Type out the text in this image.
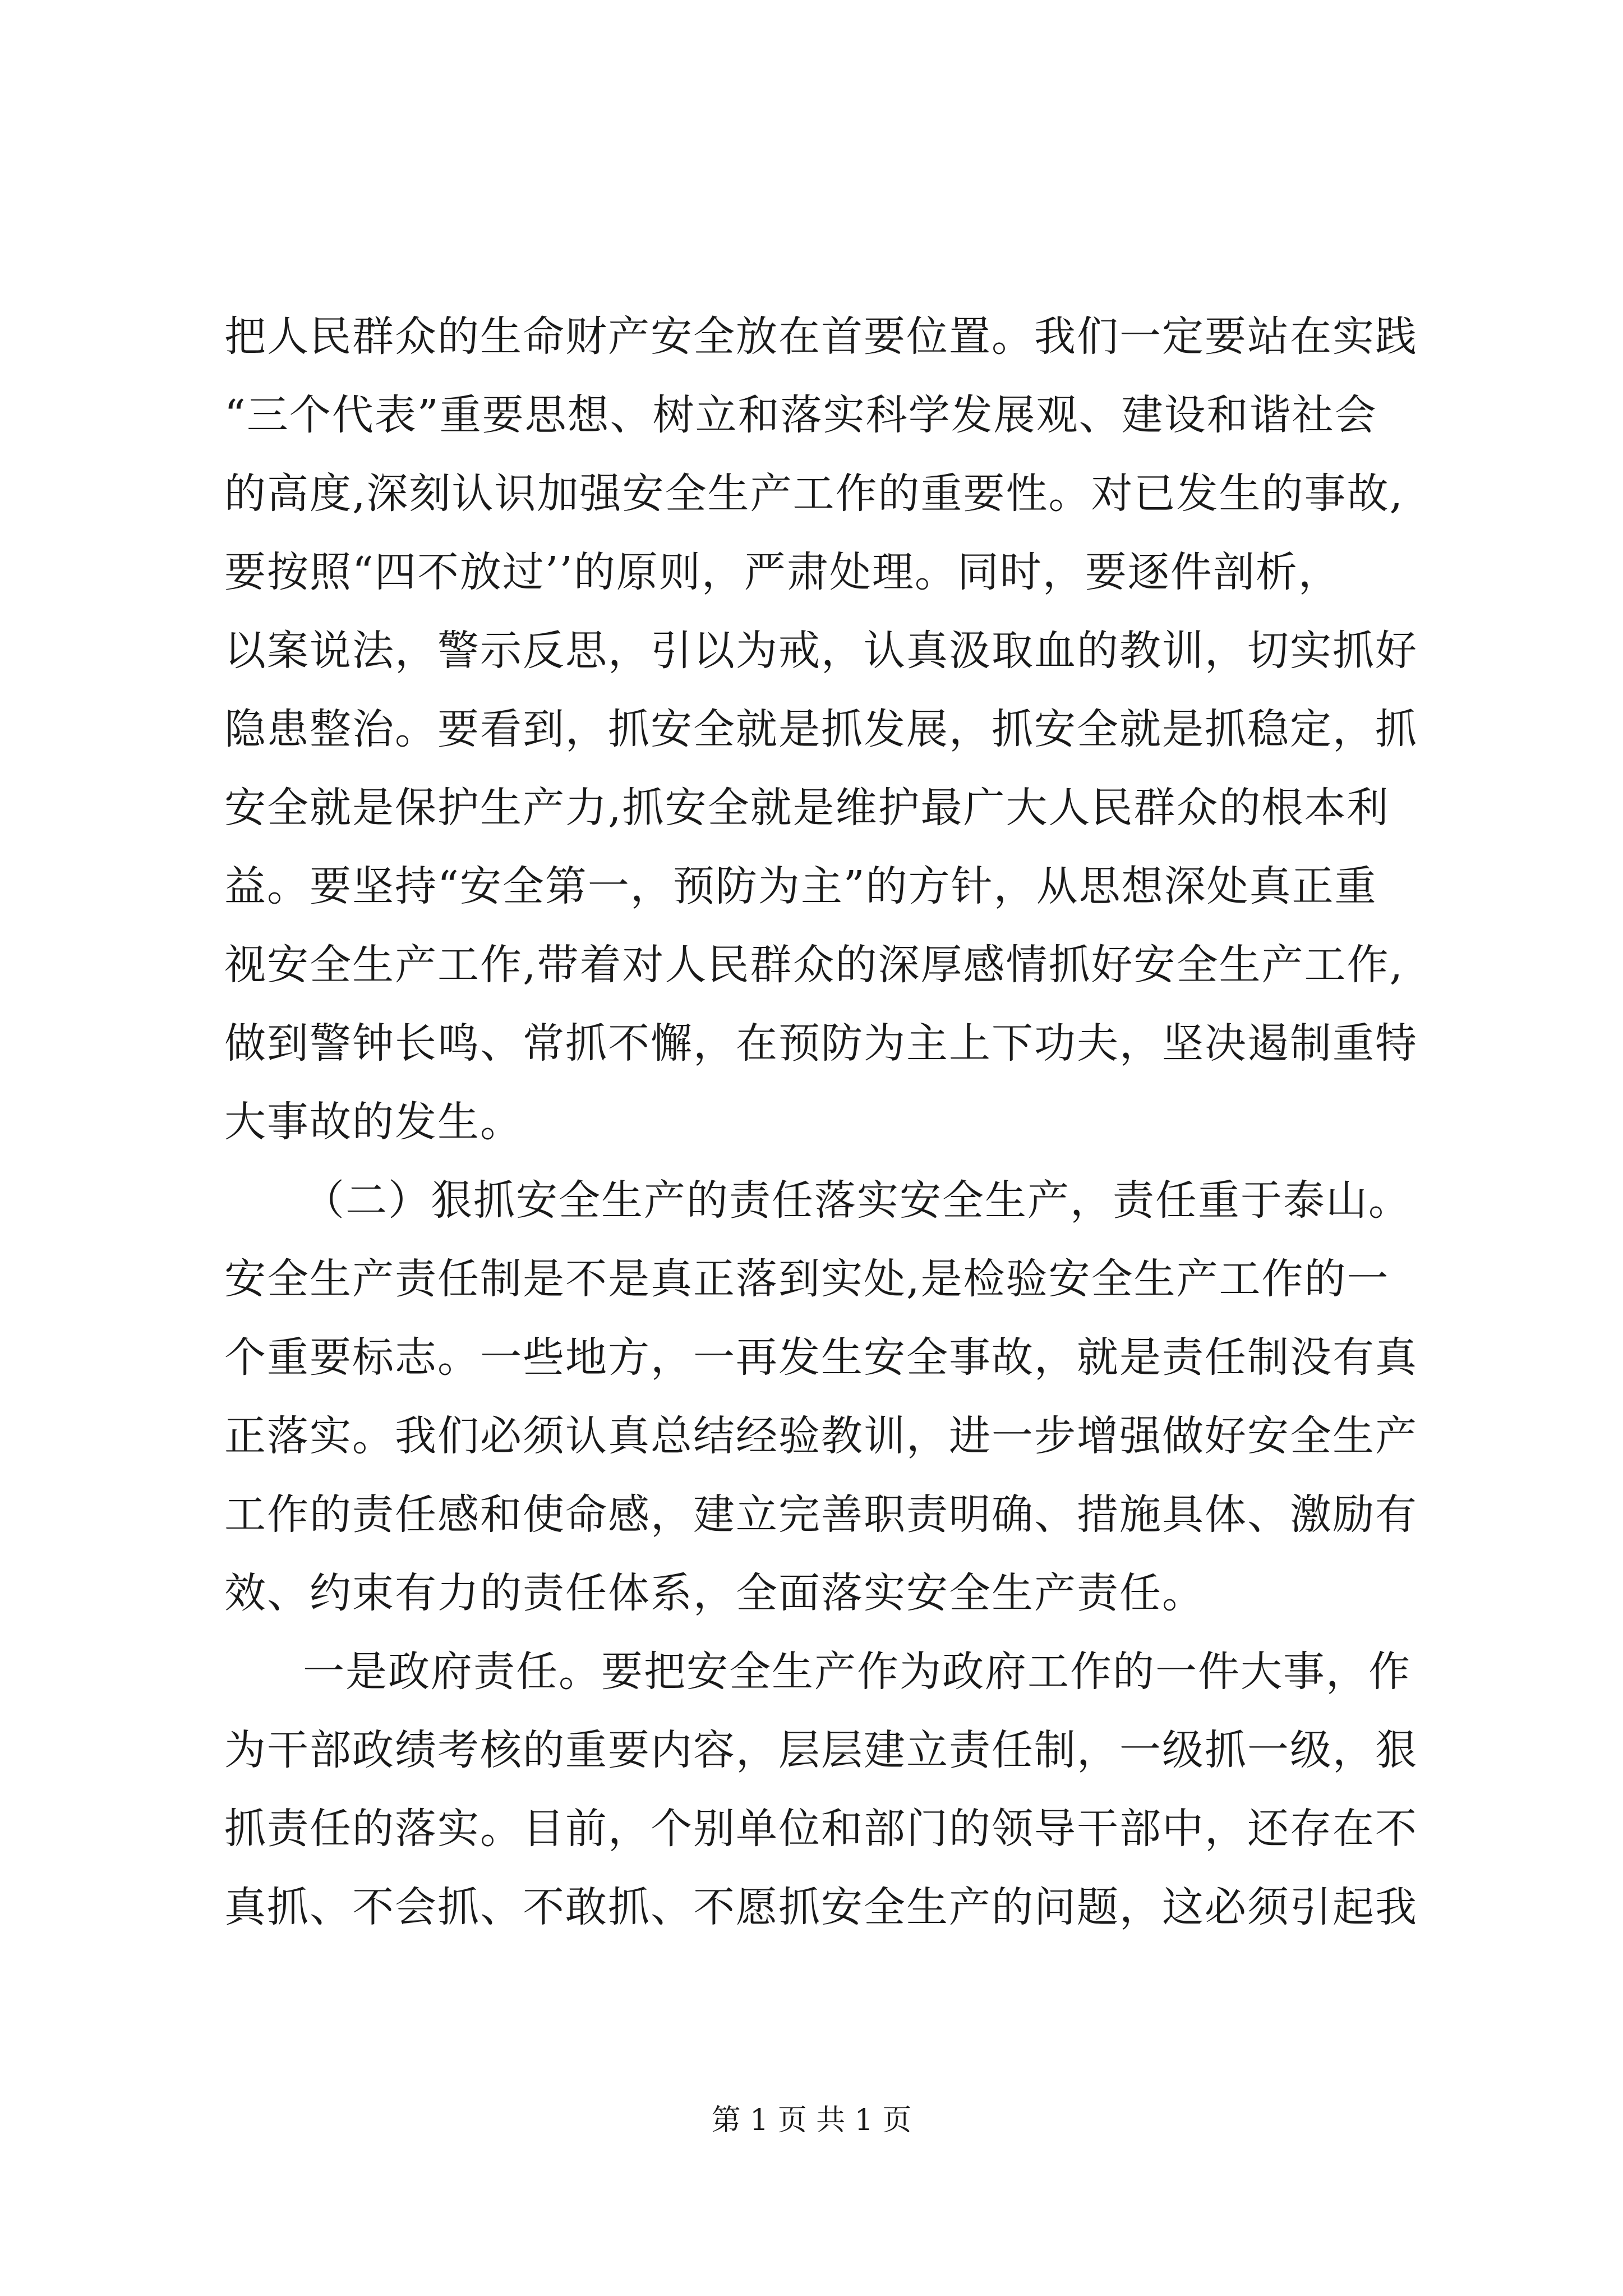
把人民群众的生命财产安全放在首要位置。我们一定要站在实践
“三个代表”重要思想、树立和落实科学发展观、建设和谐社会
的高度,深刻认识加强安全生产工作的重要性。对已发生的事故,
要按照“四不放过’’的原则，严肃处理。同时，要逐件剖析，
以案说法，警示反思，引以为戒，认真汲取血的教训，切实抓好
隐患整治。要看到，抓安全就是抓发展，抓安全就是抓稳定，抓
安全就是保护生产力,抓安全就是维护最广大人民群众的根本利
益。要坚持“安全第一，预防为主”的方针，从思想深处真正重
视安全生产工作,带着对人民群众的深厚感情抓好安全生产工作,
做到警钟长鸣、常抓不懈，在预防为主上下功夫，坚决遏制重特
大事故的发生。
（二）狠抓安全生产的责任落实安全生产，责任重于泰山。
安全生产责任制是不是真正落到实处,是检验安全生产工作的一
个重要标志。一些地方，一再发生安全事故，就是责任制没有真
正落实。我们必须认真总结经验教训，进一步增强做好安全生产
工作的责任感和使命感，建立完善职责明确、措施具体、激励有
效、约束有力的责任体系，全面落实安全生产责任。
一是政府责任。要把安全生产作为政府工作的一件大事，作
为干部政绩考核的重要内容，层层建立责任制，一级抓一级，狠
抓责任的落实。目前，个别单位和部门的领导干部中，还存在不
真抓、不会抓、不敢抓、不愿抓安全生产的问题，这必须引起我
第 1 页 共 1 页
